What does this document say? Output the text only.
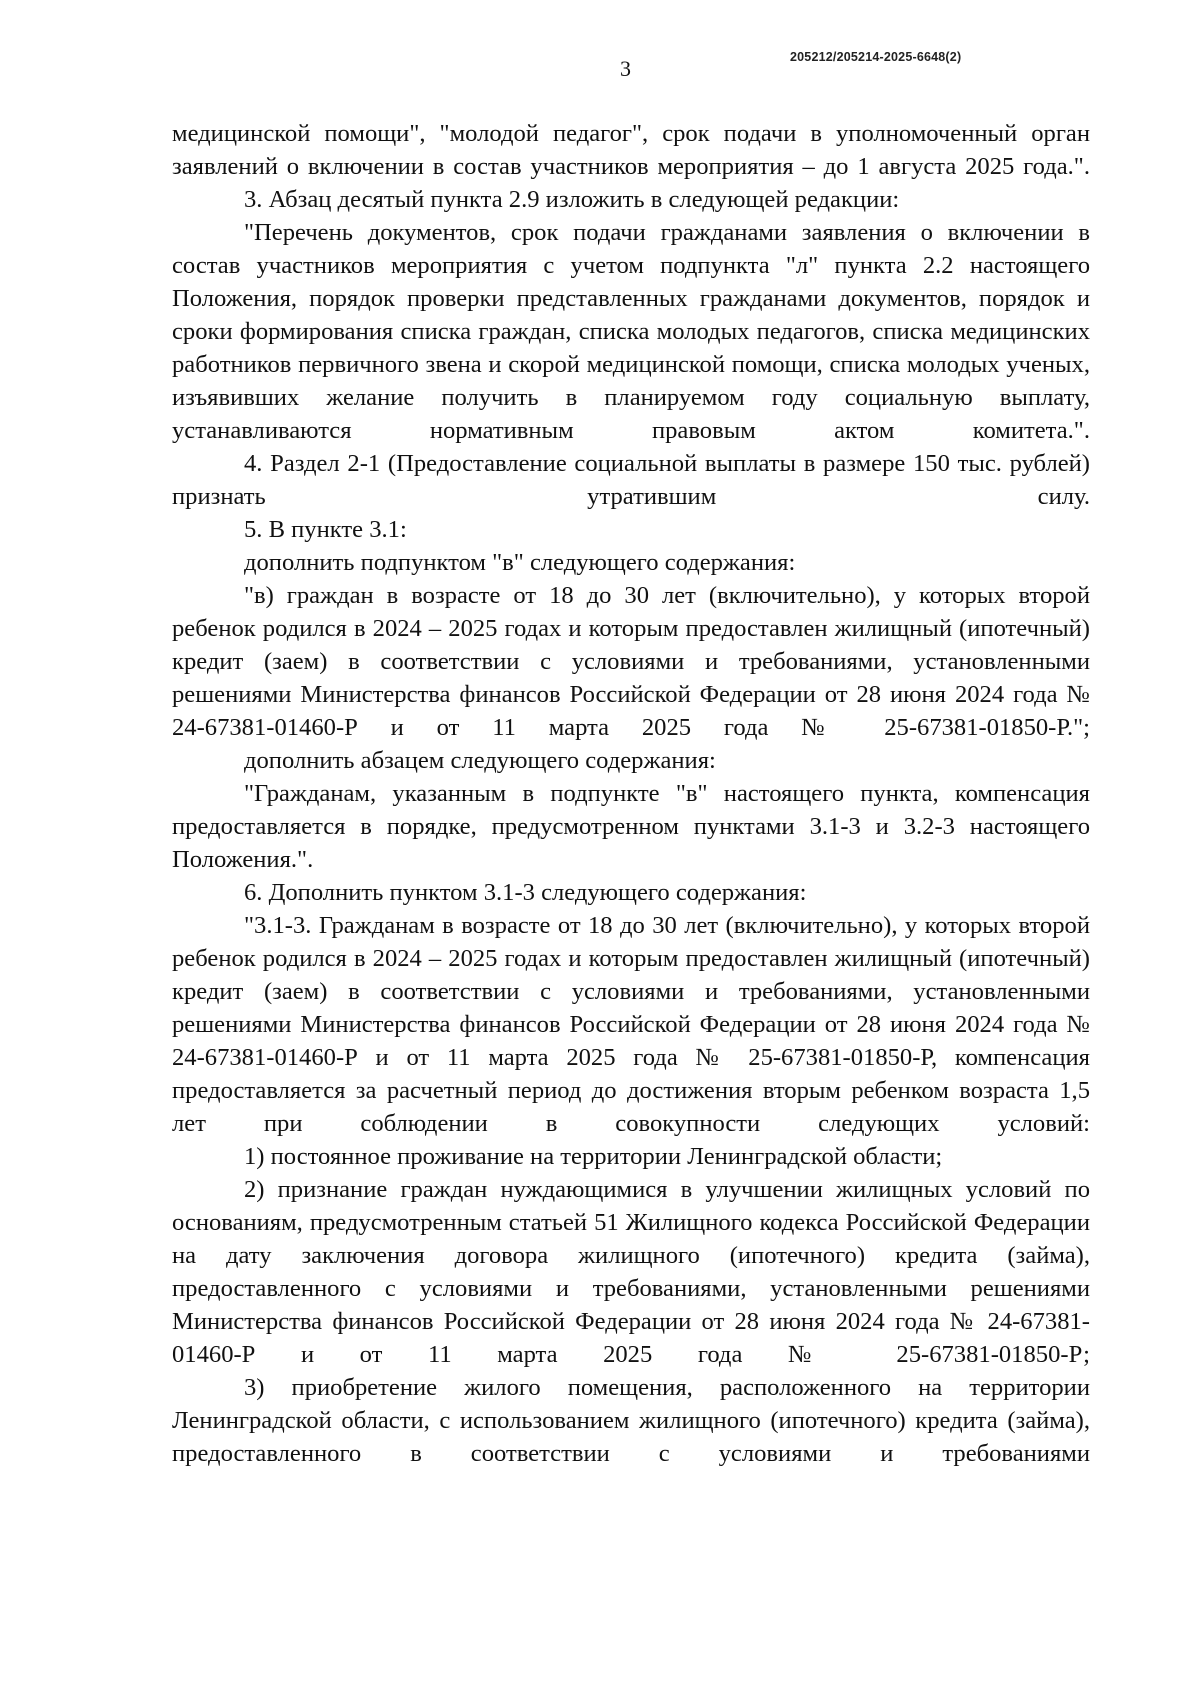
205212/205214-2025-6648(2)
3

медицинской помощи", "молодой педагог", срок подачи в уполномоченный орган заявлений о включении в состав участников мероприятия – до 1 августа 2025 года.".

3. Абзац десятый пункта 2.9 изложить в следующей редакции:

"Перечень документов, срок подачи гражданами заявления о включении в состав участников мероприятия с учетом подпункта "л" пункта 2.2 настоящего Положения, порядок проверки представленных гражданами документов, порядок и сроки формирования списка граждан, списка молодых педагогов, списка медицинских работников первичного звена и скорой медицинской помощи, списка молодых ученых, изъявивших желание получить в планируемом году социальную выплату, устанавливаются нормативным правовым актом комитета.".

4. Раздел 2-1 (Предоставление социальной выплаты в размере 150 тыс. рублей) признать утратившим силу.

5. В пункте 3.1:

дополнить подпунктом "в" следующего содержания:

"в) граждан в возрасте от 18 до 30 лет (включительно), у которых второй ребенок родился в 2024 – 2025 годах и которым предоставлен жилищный (ипотечный) кредит (заем) в соответствии с условиями и требованиями, установленными решениями Министерства финансов Российской Федерации от 28 июня 2024 года № 24-67381-01460-Р и от 11 марта 2025 года № 25-67381-01850-Р.";

дополнить абзацем следующего содержания:

"Гражданам, указанным в подпункте "в" настоящего пункта, компенсация предоставляется в порядке, предусмотренном пунктами 3.1-3 и 3.2-3 настоящего Положения.".

6. Дополнить пунктом 3.1-3 следующего содержания:

"3.1-3. Гражданам в возрасте от 18 до 30 лет (включительно), у которых второй ребенок родился в 2024 – 2025 годах и которым предоставлен жилищный (ипотечный) кредит (заем) в соответствии с условиями и требованиями, установленными решениями Министерства финансов Российской Федерации от 28 июня 2024 года № 24-67381-01460-Р и от 11 марта 2025 года № 25-67381-01850-Р, компенсация предоставляется за расчетный период до достижения вторым ребенком возраста 1,5 лет при соблюдении в совокупности следующих условий:

1) постоянное проживание на территории Ленинградской области;

2) признание граждан нуждающимися в улучшении жилищных условий по основаниям, предусмотренным статьей 51 Жилищного кодекса Российской Федерации на дату заключения договора жилищного (ипотечного) кредита (займа), предоставленного с условиями и требованиями, установленными решениями Министерства финансов Российской Федерации от 28 июня 2024 года № 24-67381-01460-Р и от 11 марта 2025 года № 25-67381-01850-Р;

3) приобретение жилого помещения, расположенного на территории Ленинградской области, с использованием жилищного (ипотечного) кредита (займа), предоставленного в соответствии с условиями и требованиями
